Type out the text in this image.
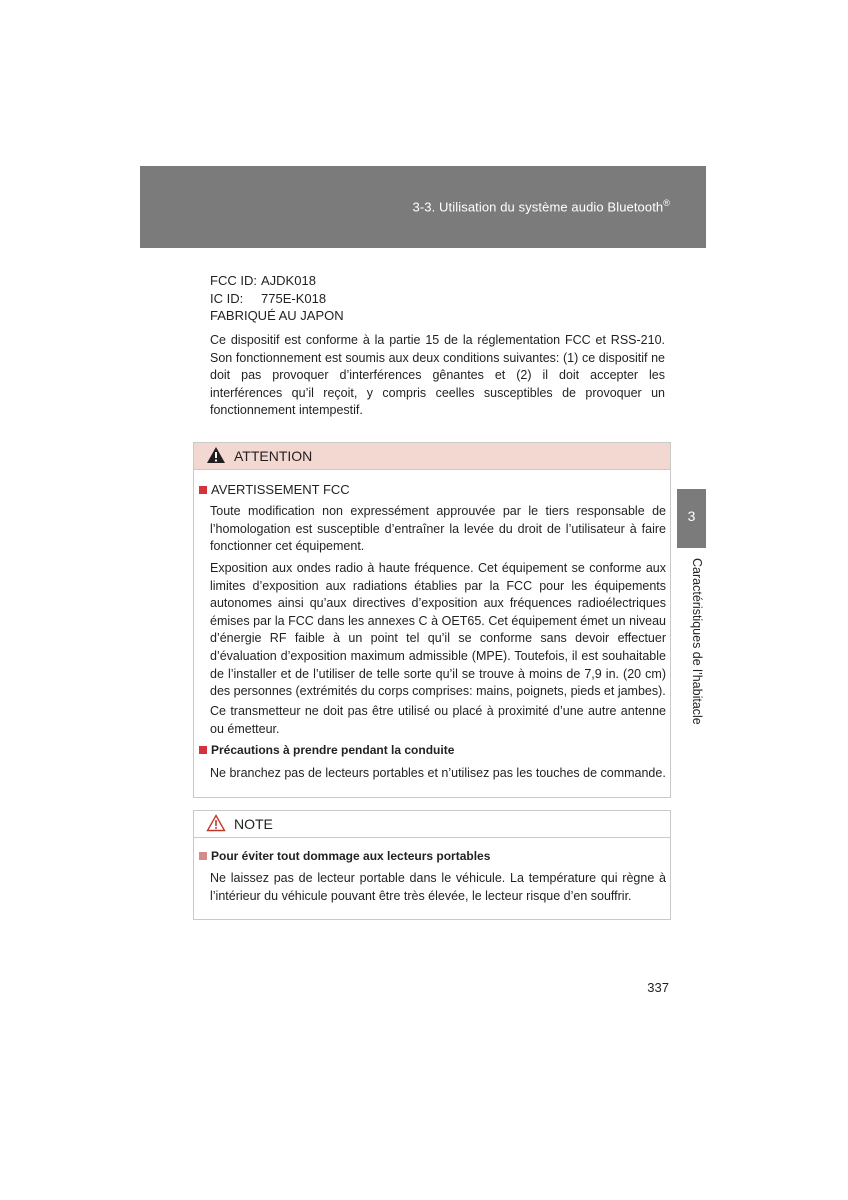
3-3. Utilisation du système audio Bluetooth®
3
Caractéristiques de l’habitacle
FCC ID: AJDK018
IC ID: 775E-K018
FABRIQUÉ AU JAPON

Ce dispositif est conforme à la partie 15 de la réglementation FCC et RSS-210. Son fonctionnement est soumis aux deux conditions suivantes: (1) ce dispositif ne doit pas provoquer d’interférences gênantes et (2) il doit accepter les interférences qu’il reçoit, y compris ceelles susceptibles de provoquer un fonctionnement intempestif.

ATTENTION
AVERTISSEMENT FCC

Toute modification non expressément approuvée par le tiers responsable de l’homologation est susceptible d’entraîner la levée du droit de l’utilisateur à faire fonctionner cet équipement.

Exposition aux ondes radio à haute fréquence. Cet équipement se conforme aux limites d’exposition aux radiations établies par la FCC pour les équipements autonomes ainsi qu’aux directives d’exposition aux fréquences radioélectriques émises par la FCC dans les annexes C à OET65. Cet équipement émet un niveau d’énergie RF faible à un point tel qu’il se conforme sans devoir effectuer d’évaluation d’exposition maximum admissible (MPE). Toutefois, il est souhaitable de l’installer et de l’utiliser de telle sorte qu’il se trouve à moins de 7,9 in. (20 cm) des personnes (extrémités du corps comprises: mains, poignets, pieds et jambes).

Ce transmetteur ne doit pas être utilisé ou placé à proximité d’une autre antenne ou émetteur.

Précautions à prendre pendant la conduite

Ne branchez pas de lecteurs portables et n’utilisez pas les touches de commande.

NOTE
Pour éviter tout dommage aux lecteurs portables

Ne laissez pas de lecteur portable dans le véhicule. La température qui règne à l’intérieur du véhicule pouvant être très élevée, le lecteur risque d’en souffrir.

337
